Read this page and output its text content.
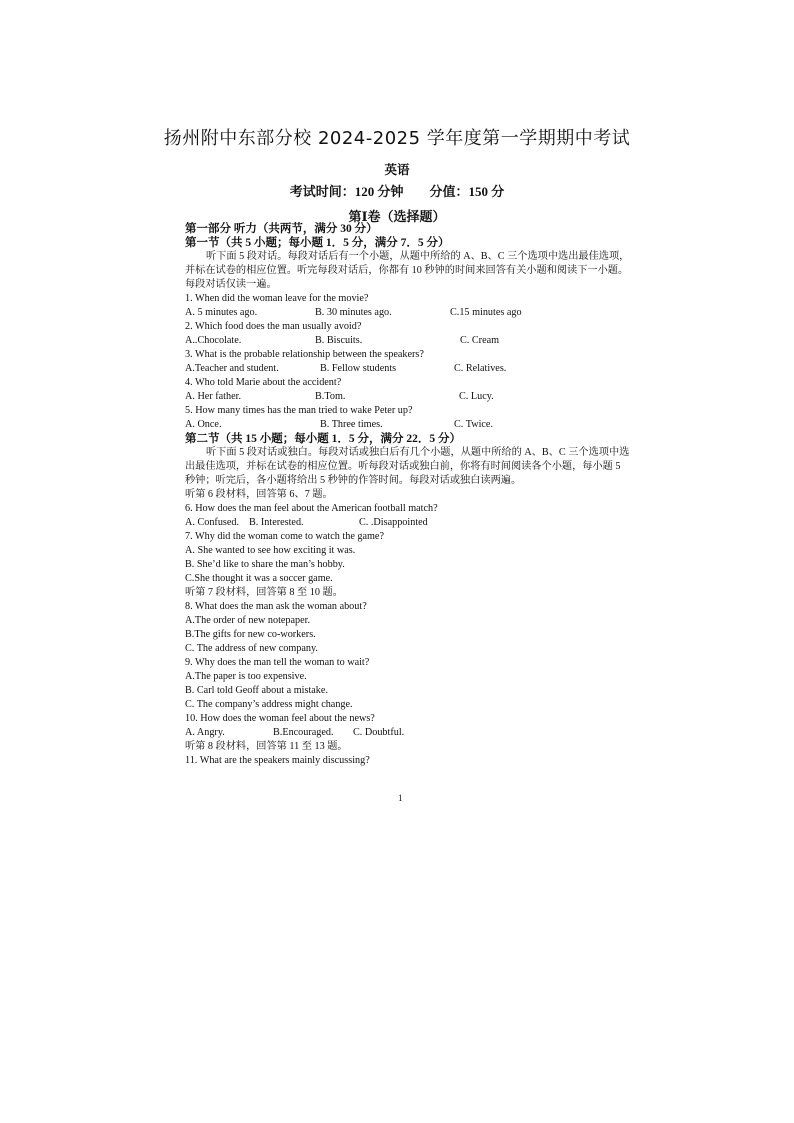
扬州附中东部分校 2024-2025 学年度第一学期期中考试
英语
考试时间：120 分钟 分值：150 分
第Ⅰ卷（选择题）
第一部分 听力（共两节，满分 30 分）
第一节（共 5 小题；每小题 1．5 分，满分 7．5 分）
听下面 5 段对话。每段对话后有一个小题，从题中所给的 A、B、C 三个选项中选出最佳选项，并标在试卷的相应位置。听完每段对话后，你都有 10 秒钟的时间来回答有关小题和阅读下一小题。每段对话仅读一遍。
1. When did the woman leave for the movie?
A. 5 minutes ago.	B. 30 minutes ago.	C.15 minutes ago
2. Which food does the man usually avoid?
A..Chocolate.	B. Biscuits.	C. Cream
3. What is the probable relationship between the speakers?
A.Teacher and student.	B. Fellow students	C. Relatives.
4. Who told Marie about the accident?
A. Her father.	B.Tom.	C. Lucy.
5. How many times has the man tried to wake Peter up?
A. Once.	B. Three times.	C. Twice.
第二节（共 15 小题；每小题 1．5 分，满分 22．5 分）
听下面 5 段对话或独白。每段对话或独白后有几个小题，从题中所给的 A、B、C 三个选项中选出最佳选项，并标在试卷的相应位置。听每段对话或独白前，你将有时间阅读各个小题，每小题 5 秒钟；听完后，各小题将给出 5 秒钟的作答时间。每段对话或独白读两遍。
听第 6 段材料，回答第 6、7 题。
6. How does the man feel about the American football match?
A. Confused. B. Interested.	C. .Disappointed
7. Why did the woman come to watch the game?
A. She wanted to see how exciting it was.
B. She’d like to share the man’s hobby.
C.She thought it was a soccer game.
听第 7 段材料，回答第 8 至 10 题。
8. What does the man ask the woman about?
A.The order of new notepaper.
B.The gifts for new co-workers.
C. The address of new company.
9. Why does the man tell the woman to wait?
A.The paper is too expensive.
B. Carl told Geoff about a mistake.
C. The company’s address might change.
10. How does the woman feel about the news?
A. Angry.	B.Encouraged.	C. Doubtful.
听第 8 段材料，回答第 11 至 13 题。
11. What are the speakers mainly discussing?
1
